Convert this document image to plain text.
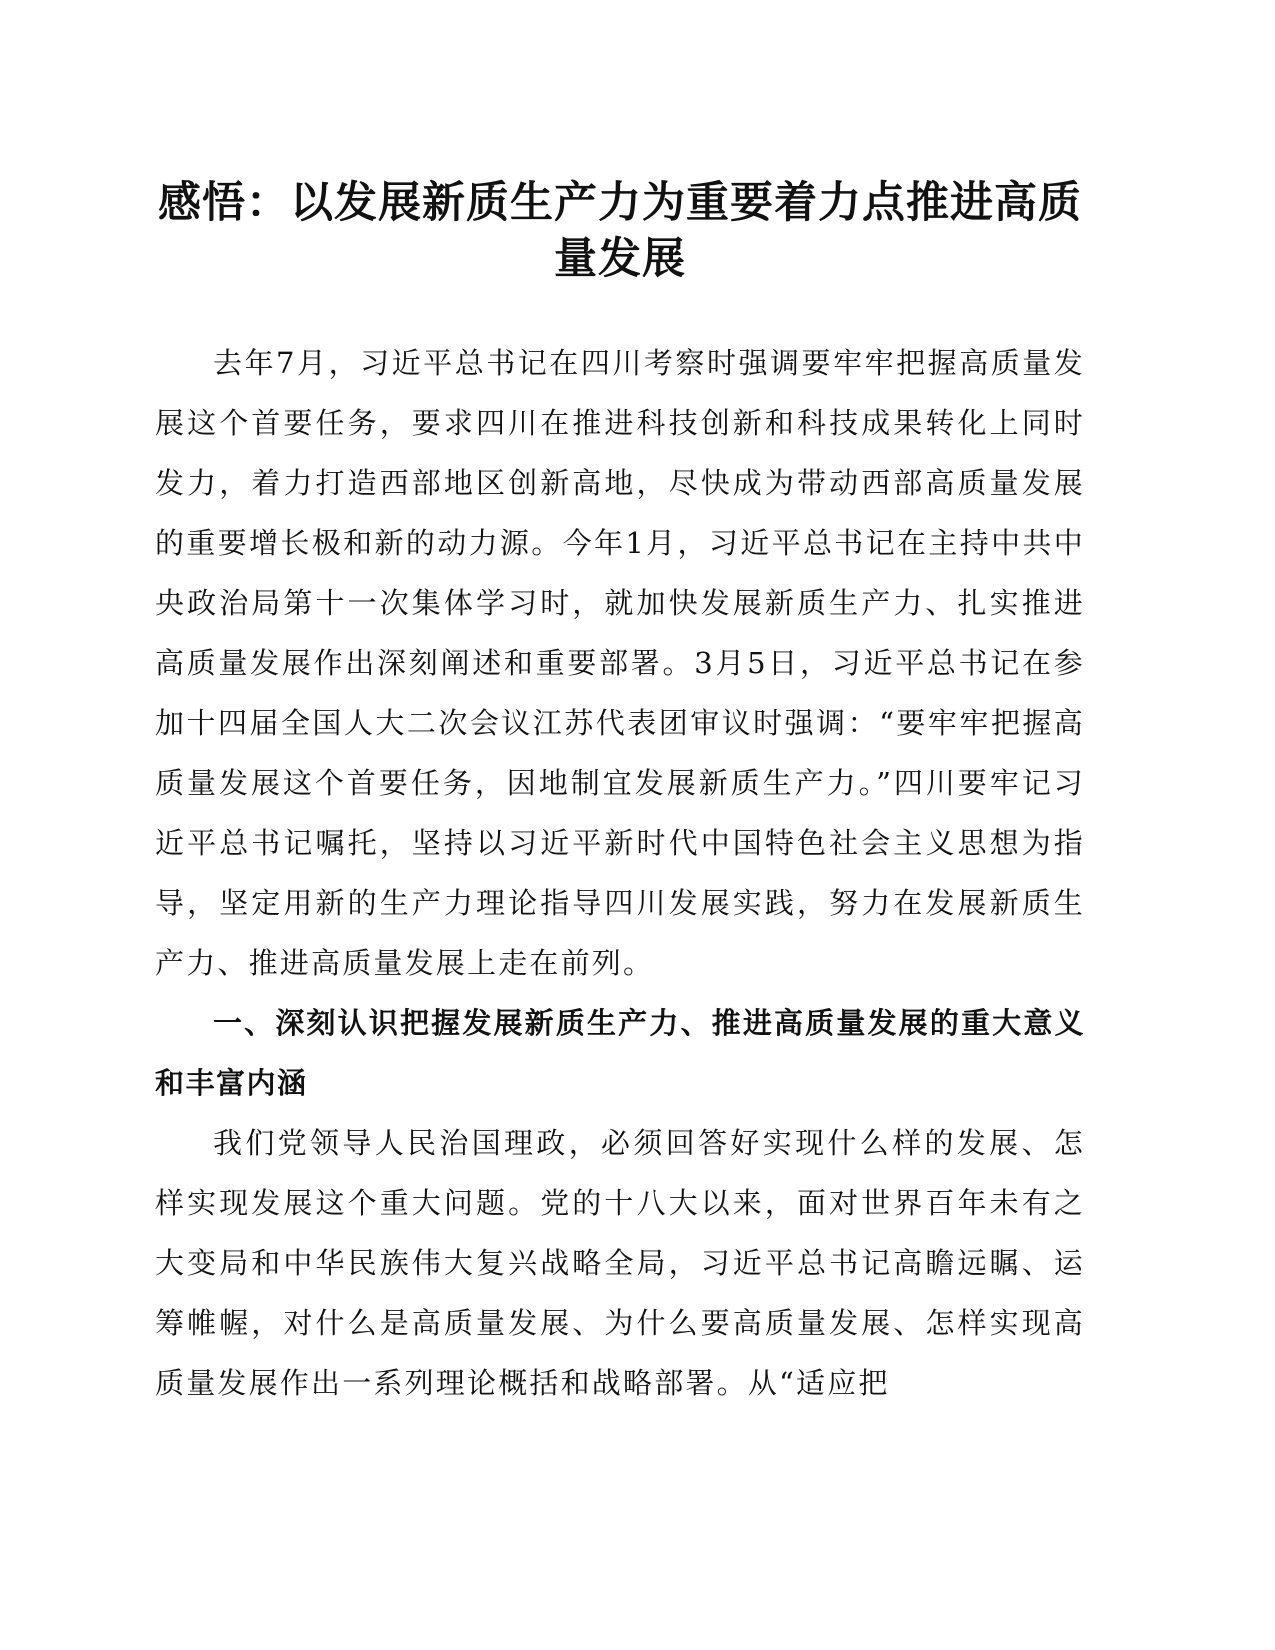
感悟：以发展新质生产力为重要着力点推进高质量发展

去年7月，习近平总书记在四川考察时强调要牢牢把握高质量发展这个首要任务，要求四川在推进科技创新和科技成果转化上同时发力，着力打造西部地区创新高地，尽快成为带动西部高质量发展的重要增长极和新的动力源。今年1月，习近平总书记在主持中共中央政治局第十一次集体学习时，就加快发展新质生产力、扎实推进高质量发展作出深刻阐述和重要部署。3月5日，习近平总书记在参加十四届全国人大二次会议江苏代表团审议时强调：“要牢牢把握高质量发展这个首要任务，因地制宜发展新质生产力。”四川要牢记习近平总书记嘱托，坚持以习近平新时代中国特色社会主义思想为指导，坚定用新的生产力理论指导四川发展实践，努力在发展新质生产力、推进高质量发展上走在前列。

一、深刻认识把握发展新质生产力、推进高质量发展的重大意义和丰富内涵

我们党领导人民治国理政，必须回答好实现什么样的发展、怎样实现发展这个重大问题。党的十八大以来，面对世界百年未有之大变局和中华民族伟大复兴战略全局，习近平总书记高瞻远瞩、运筹帷幄，对什么是高质量发展、为什么要高质量发展、怎样实现高质量发展作出一系列理论概括和战略部署。从“适应把
